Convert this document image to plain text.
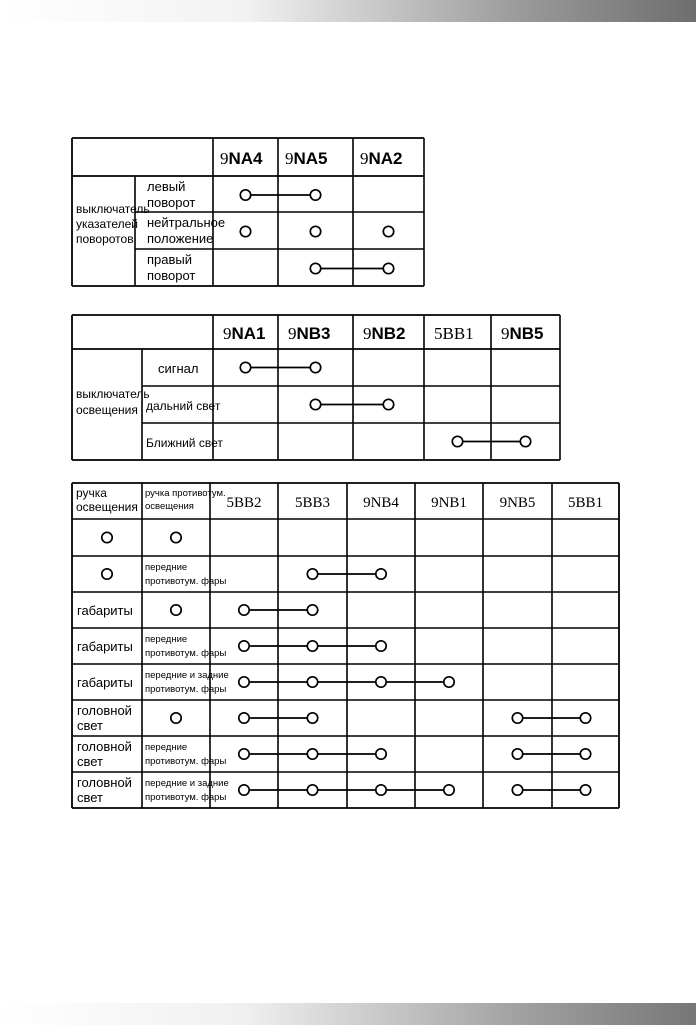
9NA4 9NA5 9NA2
выключатель
указателей
поворотов
левый
поворот
нейтральное
положение
правый
поворот
9NA1 9NB3 9NB2 5BB1 9NB5
выключатель
освещения
сигнал
дальний свет
Ближний свет
ручка
освещения
ручка противотум.
освещения 5BB2 5BB3 9NB4 9NB1 9NB5 5BB1
передние
противотум. фары
габариты
габариты передние
противотум. фары
габариты передние и задние
противотум. фары
головной
свет
головной
свет
передние
противотум. фары
головной
свет
передние и задние
противотум. фары
